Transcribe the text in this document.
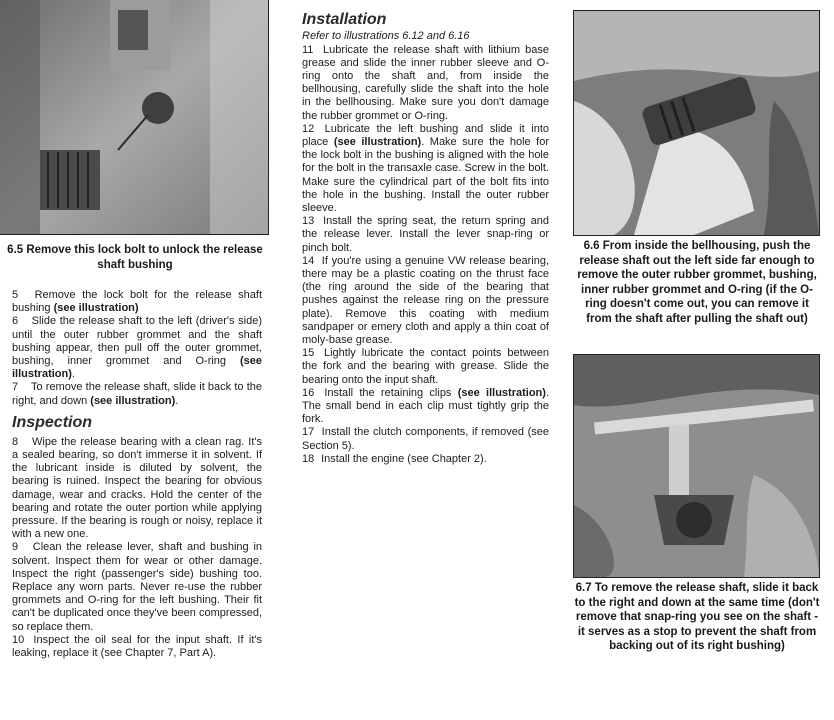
6.5 Remove this lock bolt to unlock the release shaft bushing
6.6 From inside the bellhousing, push the release shaft out the left side far enough to remove the outer rubber grommet, bushing, inner rubber grommet and O-ring (if the O-ring doesn't come out, you can remove it from the shaft after pulling the shaft out)
6.7 To remove the release shaft, slide it back to the right and down at the same time (don't remove that snap-ring you see on the shaft - it serves as a stop to prevent the shaft from backing out of its right bushing)

5 Remove the lock bolt for the release shaft bushing (see illustration)

6 Slide the release shaft to the left (driver's side) until the outer rubber grommet and the shaft bushing appear, then pull off the outer grommet, bushing, inner grommet and O-ring (see illustration).

7 To remove the release shaft, slide it back to the right, and down (see illustration).

Inspection

8 Wipe the release bearing with a clean rag. It's a sealed bearing, so don't immerse it in solvent. If the lubricant inside is diluted by solvent, the bearing is ruined. Inspect the bearing for obvious damage, wear and cracks. Hold the center of the bearing and rotate the outer portion while applying pressure. If the bearing is rough or noisy, replace it with a new one.

9 Clean the release lever, shaft and bushing in solvent. Inspect them for wear or other damage. Inspect the right (passenger's side) bushing too. Replace any worn parts. Never re-use the rubber grommets and O-ring for the left bushing. Their fit can't be duplicated once they've been compressed, so replace them.

10 Inspect the oil seal for the input shaft. If it's leaking, replace it (see Chapter 7, Part A).

Installation

Refer to illustrations 6.12 and 6.16

11 Lubricate the release shaft with lithium base grease and slide the inner rubber sleeve and O-ring onto the shaft and, from inside the bellhousing, carefully slide the shaft into the hole in the bellhousing. Make sure you don't damage the rubber grommet or O-ring.

12 Lubricate the left bushing and slide it into place (see illustration). Make sure the hole for the lock bolt in the bushing is aligned with the hole for the bolt in the transaxle case. Screw in the bolt. Make sure the cylindrical part of the bolt fits into the hole in the bushing. Install the outer rubber sleeve.

13 Install the spring seat, the return spring and the release lever. Install the lever snap-ring or pinch bolt.

14 If you're using a genuine VW release bearing, there may be a plastic coating on the thrust face (the ring around the side of the bearing that pushes against the release ring on the pressure plate). Remove this coating with medium sandpaper or emery cloth and apply a thin coat of moly-base grease.

15 Lightly lubricate the contact points between the fork and the bearing with grease. Slide the bearing onto the input shaft.

16 Install the retaining clips (see illustration). The small bend in each clip must tightly grip the fork.

17 Install the clutch components, if removed (see Section 5).

18 Install the engine (see Chapter 2).
